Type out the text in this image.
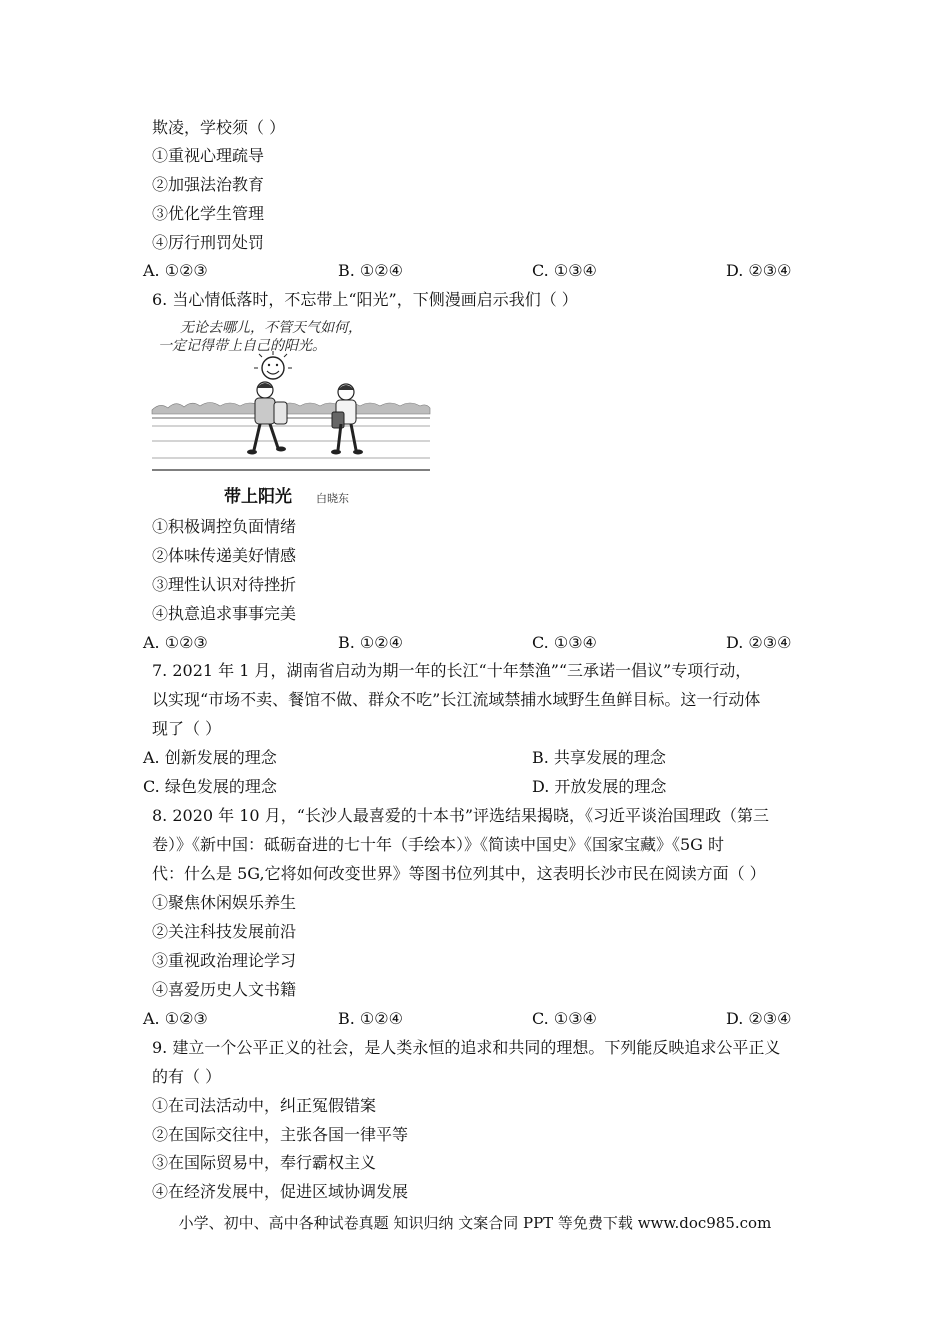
欺凌，学校须（ ）
①重视心理疏导
②加强法治教育
③优化学生管理
④厉行刑罚处罚
A. ①②③	B. ①②④	C. ①③④	D. ②③④
6. 当心情低落时，不忘带上“阳光”，下侧漫画启示我们（ ）
无论去哪儿，不管天气如何，
一定记得带上自己的阳光。
带上阳光 白晓东
①积极调控负面情绪
②体味传递美好情感
③理性认识对待挫折
④执意追求事事完美
A. ①②③	B. ①②④	C. ①③④	D. ②③④
7. 2021 年 1 月，湖南省启动为期一年的长江“十年禁渔”“三承诺一倡议”专项行动，
以实现“市场不卖、餐馆不做、群众不吃”长江流域禁捕水域野生鱼鲜目标。这一行动体
现了（ ）
A. 创新发展的理念	B. 共享发展的理念
C. 绿色发展的理念	D. 开放发展的理念
8. 2020 年 10 月，“长沙人最喜爱的十本书”评选结果揭晓，《习近平谈治国理政（第三
卷）》《新中国：砥砺奋进的七十年（手绘本）》《简读中国史》《国家宝藏》《5G 时
代：什么是 5G,它将如何改变世界》等图书位列其中，这表明长沙市民在阅读方面（ ）
①聚焦休闲娱乐养生
②关注科技发展前沿
③重视政治理论学习
④喜爱历史人文书籍
A. ①②③	B. ①②④	C. ①③④	D. ②③④
9. 建立一个公平正义的社会，是人类永恒的追求和共同的理想。下列能反映追求公平正义
的有（ ）
①在司法活动中，纠正冤假错案
②在国际交往中，主张各国一律平等
③在国际贸易中，奉行霸权主义
④在经济发展中，促进区域协调发展
小学、初中、高中各种试卷真题 知识归纳 文案合同 PPT 等免费下载 www.doc985.com
